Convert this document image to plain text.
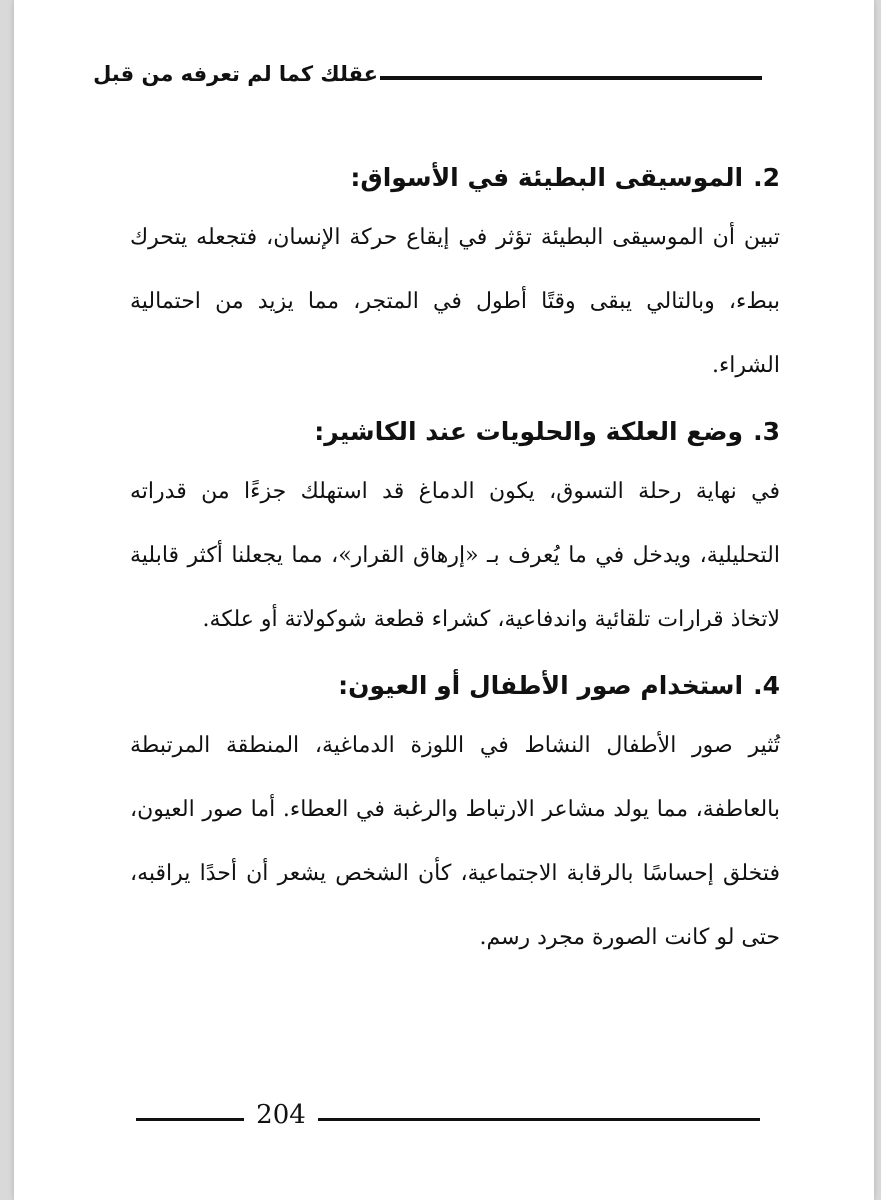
عقلك كما لم تعرفه من قبل
2.الموسيقى البطيئة في الأسواق:

تبين أن الموسيقى البطيئة تؤثر في إيقاع حركة الإنسان، فتجعله يتحرك ببطء، وبالتالي يبقى وقتًا أطول في المتجر، مما يزيد من احتمالية الشراء.

3.وضع العلكة والحلويات عند الكاشير:

في نهاية رحلة التسوق، يكون الدماغ قد استهلك جزءًا من قدراته التحليلية، ويدخل في ما يُعرف بـ «إرهاق القرار»، مما يجعلنا أكثر قابلية لاتخاذ قرارات تلقائية واندفاعية، كشراء قطعة شوكولاتة أو علكة.

4.استخدام صور الأطفال أو العيون:

تُثير صور الأطفال النشاط في اللوزة الدماغية، المنطقة المرتبطة بالعاطفة، مما يولد مشاعر الارتباط والرغبة في العطاء. أما صور العيون، فتخلق إحساسًا بالرقابة الاجتماعية، كأن الشخص يشعر أن أحدًا يراقبه، حتى لو كانت الصورة مجرد رسم.

204
